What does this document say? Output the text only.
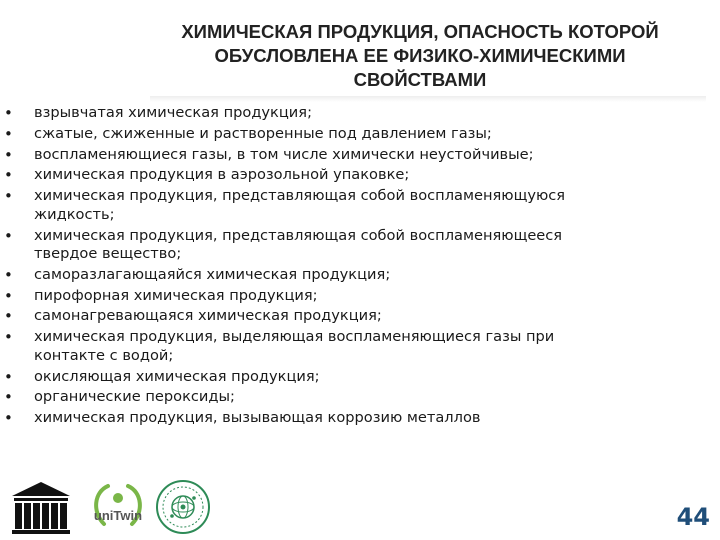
ХИМИЧЕСКАЯ ПРОДУКЦИЯ, ОПАСНОСТЬ КОТОРОЙ ОБУСЛОВЛЕНА ЕЕ ФИЗИКО-ХИМИЧЕСКИМИ СВОЙСТВАМИ
• взрывчатая химическая продукция;
• сжатые, сжиженные и растворенные под давлением газы;
• воспламеняющиеся газы, в том числе химически неустойчивые;
• химическая продукция в аэрозольной упаковке;
• химическая продукция, представляющая собой воспламеняющуюся жидкость;
• химическая продукция, представляющая собой воспламеняющееся твердое вещество;
• саморазлагающаяйся химическая продукция;
• пирофорная химическая продукция;
• самонагревающаяся химическая продукция;
• химическая продукция, выделяющая воспламеняющиеся газы при контакте с водой;
• окисляющая химическая продукция;
• органические пероксиды;
• химическая продукция, вызывающая коррозию металлов
uniTwin	44
